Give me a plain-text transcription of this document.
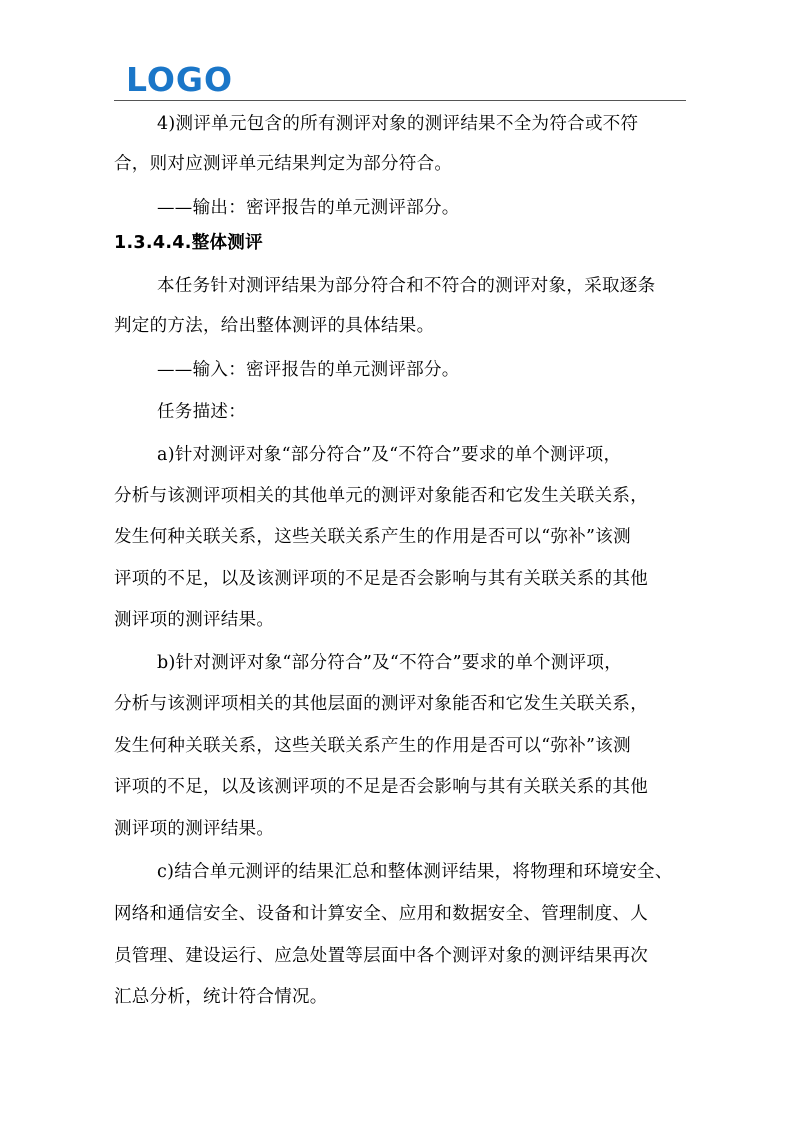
LOGO
4)测评单元包含的所有测评对象的测评结果不全为符合或不符
合，则对应测评单元结果判定为部分符合。
——输出：密评报告的单元测评部分。
1.3.4.4.整体测评
本任务针对测评结果为部分符合和不符合的测评对象，采取逐条
判定的方法，给出整体测评的具体结果。
——输入：密评报告的单元测评部分。
任务描述：
a)针对测评对象“部分符合”及“不符合”要求的单个测评项，
分析与该测评项相关的其他单元的测评对象能否和它发生关联关系，
发生何种关联关系，这些关联关系产生的作用是否可以“弥补”该测
评项的不足，以及该测评项的不足是否会影响与其有关联关系的其他
测评项的测评结果。
b)针对测评对象“部分符合”及“不符合”要求的单个测评项，
分析与该测评项相关的其他层面的测评对象能否和它发生关联关系，
发生何种关联关系，这些关联关系产生的作用是否可以“弥补”该测
评项的不足，以及该测评项的不足是否会影响与其有关联关系的其他
测评项的测评结果。
c)结合单元测评的结果汇总和整体测评结果，将物理和环境安全、
网络和通信安全、设备和计算安全、应用和数据安全、管理制度、人
员管理、建设运行、应急处置等层面中各个测评对象的测评结果再次
汇总分析，统计符合情况。
